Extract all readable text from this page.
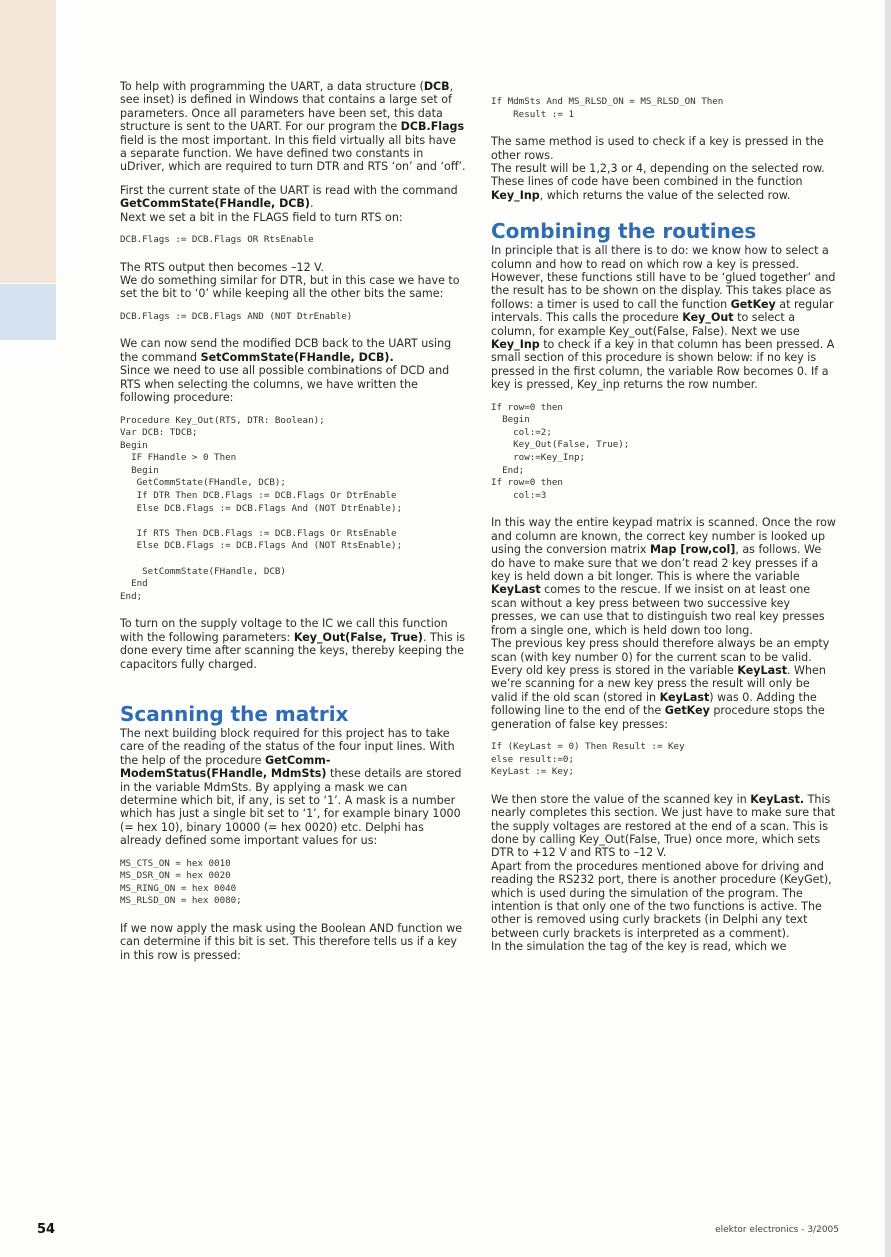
To help with programming the UART, a data structure (DCB, see inset) is defined in Windows that contains a large set of parameters. Once all parameters have been set, this data structure is sent to the UART. For our program the DCB.Flags field is the most important. In this field virtually all bits have a separate function. We have defined two constants in uDriver, which are required to turn DTR and RTS ‘on’ and ‘off’.

First the current state of the UART is read with the command GetCommState(FHandle, DCB).

Next we set a bit in the FLAGS field to turn RTS on:

DCB.Flags := DCB.Flags OR RtsEnable

The RTS output then becomes –12 V.

We do something similar for DTR, but in this case we have to set the bit to ‘0’ while keeping all the other bits the same:

DCB.Flags := DCB.Flags AND (NOT DtrEnable)

We can now send the modified DCB back to the UART using the command SetCommState(FHandle, DCB).

Since we need to use all possible combinations of DCD and RTS when selecting the columns, we have written the following procedure:

Procedure Key_Out(RTS, DTR: Boolean);
Var DCB: TDCB;
Begin
IF FHandle > 0 Then
Begin
GetCommState(FHandle, DCB);
If DTR Then DCB.Flags := DCB.Flags Or DtrEnable
Else DCB.Flags := DCB.Flags And (NOT DtrEnable);

If RTS Then DCB.Flags := DCB.Flags Or RtsEnable
Else DCB.Flags := DCB.Flags And (NOT RtsEnable);

SetCommState(FHandle, DCB)
End
End;

To turn on the supply voltage to the IC we call this function with the following parameters: Key_Out(False, True). This is done every time after scanning the keys, thereby keeping the capacitors fully charged.

Scanning the matrix

The next building block required for this project has to take care of the reading of the status of the four input lines. With the help of the procedure GetComm-ModemStatus(FHandle, MdmSts) these details are stored in the variable MdmSts. By applying a mask we can determine which bit, if any, is set to ‘1’. A mask is a number which has just a single bit set to ‘1’, for example binary 1000 (= hex 10), binary 10000 (= hex 0020) etc. Delphi has already defined some important values for us:

MS_CTS_ON = hex 0010
MS_DSR_ON = hex 0020
MS_RING_ON = hex 0040
MS_RLSD_ON = hex 0080;

If we now apply the mask using the Boolean AND function we can determine if this bit is set. This therefore tells us if a key in this row is pressed:

If MdmSts And MS_RLSD_ON = MS_RLSD_ON Then
Result := 1

The same method is used to check if a key is pressed in the other rows.

The result will be 1,2,3 or 4, depending on the selected row.

These lines of code have been combined in the function Key_Inp, which returns the value of the selected row.

Combining the routines

In principle that is all there is to do: we know how to select a column and how to read on which row a key is pressed. However, these functions still have to be ‘glued together’ and the result has to be shown on the display. This takes place as follows: a timer is used to call the function GetKey at regular intervals. This calls the procedure Key_Out to select a column, for example Key_out(False, False). Next we use Key_Inp to check if a key in that column has been pressed. A small section of this procedure is shown below: if no key is pressed in the first column, the variable Row becomes 0. If a key is pressed, Key_inp returns the row number.

If row=0 then
Begin
col:=2;
Key_Out(False, True);
row:=Key_Inp;
End;
If row=0 then
col:=3

In this way the entire keypad matrix is scanned. Once the row and column are known, the correct key number is looked up using the conversion matrix Map [row,col], as follows. We do have to make sure that we don’t read 2 key presses if a key is held down a bit longer. This is where the variable KeyLast comes to the rescue. If we insist on at least one scan without a key press between two successive key presses, we can use that to distinguish two real key presses from a single one, which is held down too long.

The previous key press should therefore always be an empty scan (with key number 0) for the current scan to be valid.

Every old key press is stored in the variable KeyLast. When we’re scanning for a new key press the result will only be valid if the old scan (stored in KeyLast) was 0. Adding the following line to the end of the GetKey procedure stops the generation of false key presses:

If (KeyLast = 0) Then Result := Key
else result:=0;
KeyLast := Key;

We then store the value of the scanned key in KeyLast. This nearly completes this section. We just have to make sure that the supply voltages are restored at the end of a scan. This is done by calling Key_Out(False, True) once more, which sets DTR to +12 V and RTS to –12 V.

Apart from the procedures mentioned above for driving and reading the RS232 port, there is another procedure (KeyGet), which is used during the simulation of the program. The intention is that only one of the two functions is active. The other is removed using curly brackets (in Delphi any text between curly brackets is interpreted as a comment).

In the simulation the tag of the key is read, which we

54	elektor electronics - 3/2005
